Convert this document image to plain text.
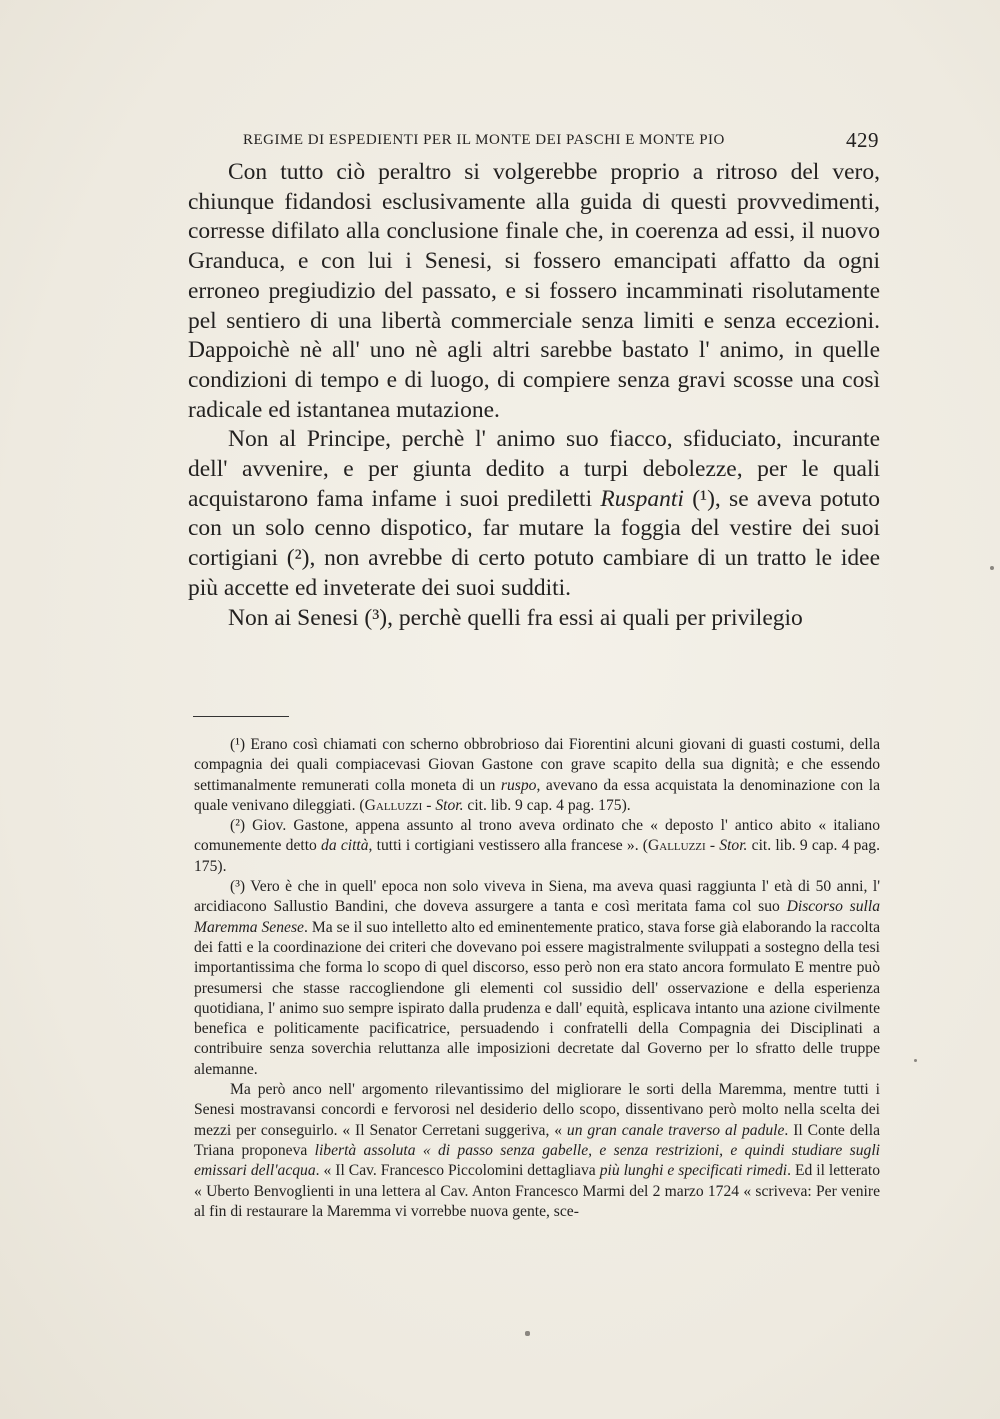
REGIME DI ESPEDIENTI PER IL MONTE DEI PASCHI E MONTE PIO	429

Con tutto ciò peraltro si volgerebbe proprio a ritroso del vero, chiunque fidandosi esclusivamente alla guida di questi provvedimenti, corresse difilato alla conclusione finale che, in coerenza ad essi, il nuovo Granduca, e con lui i Senesi, si fossero emancipati affatto da ogni erroneo pregiudizio del passato, e si fossero incamminati risolutamente pel sentiero di una libertà commerciale senza limiti e senza eccezioni. Dappoichè nè all' uno nè agli altri sarebbe bastato l' animo, in quelle condizioni di tempo e di luogo, di compiere senza gravi scosse una così radicale ed istantanea mutazione.

Non al Principe, perchè l' animo suo fiacco, sfiduciato, incurante dell' avvenire, e per giunta dedito a turpi debolezze, per le quali acquistarono fama infame i suoi prediletti Ruspanti (¹), se aveva potuto con un solo cenno dispotico, far mutare la foggia del vestire dei suoi cortigiani (²), non avrebbe di certo potuto cambiare di un tratto le idee più accette ed inveterate dei suoi sudditi.

Non ai Senesi (³), perchè quelli fra essi ai quali per privilegio

(¹) Erano così chiamati con scherno obbrobrioso dai Fiorentini alcuni giovani di guasti costumi, della compagnia dei quali compiacevasi Giovan Gastone con grave scapito della sua dignità; e che essendo settimanalmente remunerati colla moneta di un ruspo, avevano da essa acquistata la denominazione con la quale venivano dileggiati. (Galluzzi - Stor. cit. lib. 9 cap. 4 pag. 175).

(²) Giov. Gastone, appena assunto al trono aveva ordinato che « deposto l' antico abito « italiano comunemente detto da città, tutti i cortigiani vestissero alla francese ». (Galluzzi - Stor. cit. lib. 9 cap. 4 pag. 175).

(³) Vero è che in quell' epoca non solo viveva in Siena, ma aveva quasi raggiunta l' età di 50 anni, l' arcidiacono Sallustio Bandini, che doveva assurgere a tanta e così meritata fama col suo Discorso sulla Maremma Senese. Ma se il suo intelletto alto ed eminentemente pratico, stava forse già elaborando la raccolta dei fatti e la coordinazione dei criteri che dovevano poi essere magistralmente sviluppati a sostegno della tesi importantissima che forma lo scopo di quel discorso, esso però non era stato ancora formulato E mentre può presumersi che stasse raccogliendone gli elementi col sussidio dell' osservazione e della esperienza quotidiana, l' animo suo sempre ispirato dalla prudenza e dall' equità, esplicava intanto una azione civilmente benefica e politicamente pacificatrice, persuadendo i confratelli della Compagnia dei Disciplinati a contribuire senza soverchia reluttanza alle imposizioni decretate dal Governo per lo sfratto delle truppe alemanne.

Ma però anco nell' argomento rilevantissimo del migliorare le sorti della Maremma, mentre tutti i Senesi mostravansi concordi e fervorosi nel desiderio dello scopo, dissentivano però molto nella scelta dei mezzi per conseguirlo. « Il Senator Cerretani suggeriva, « un gran canale traverso al padule. Il Conte della Triana proponeva libertà assoluta « di passo senza gabelle, e senza restrizioni, e quindi studiare sugli emissari dell'acqua. « Il Cav. Francesco Piccolomini dettagliava più lunghi e specificati rimedi. Ed il letterato « Uberto Benvoglienti in una lettera al Cav. Anton Francesco Marmi del 2 marzo 1724 « scriveva: Per venire al fin di restaurare la Maremma vi vorrebbe nuova gente, sce-
